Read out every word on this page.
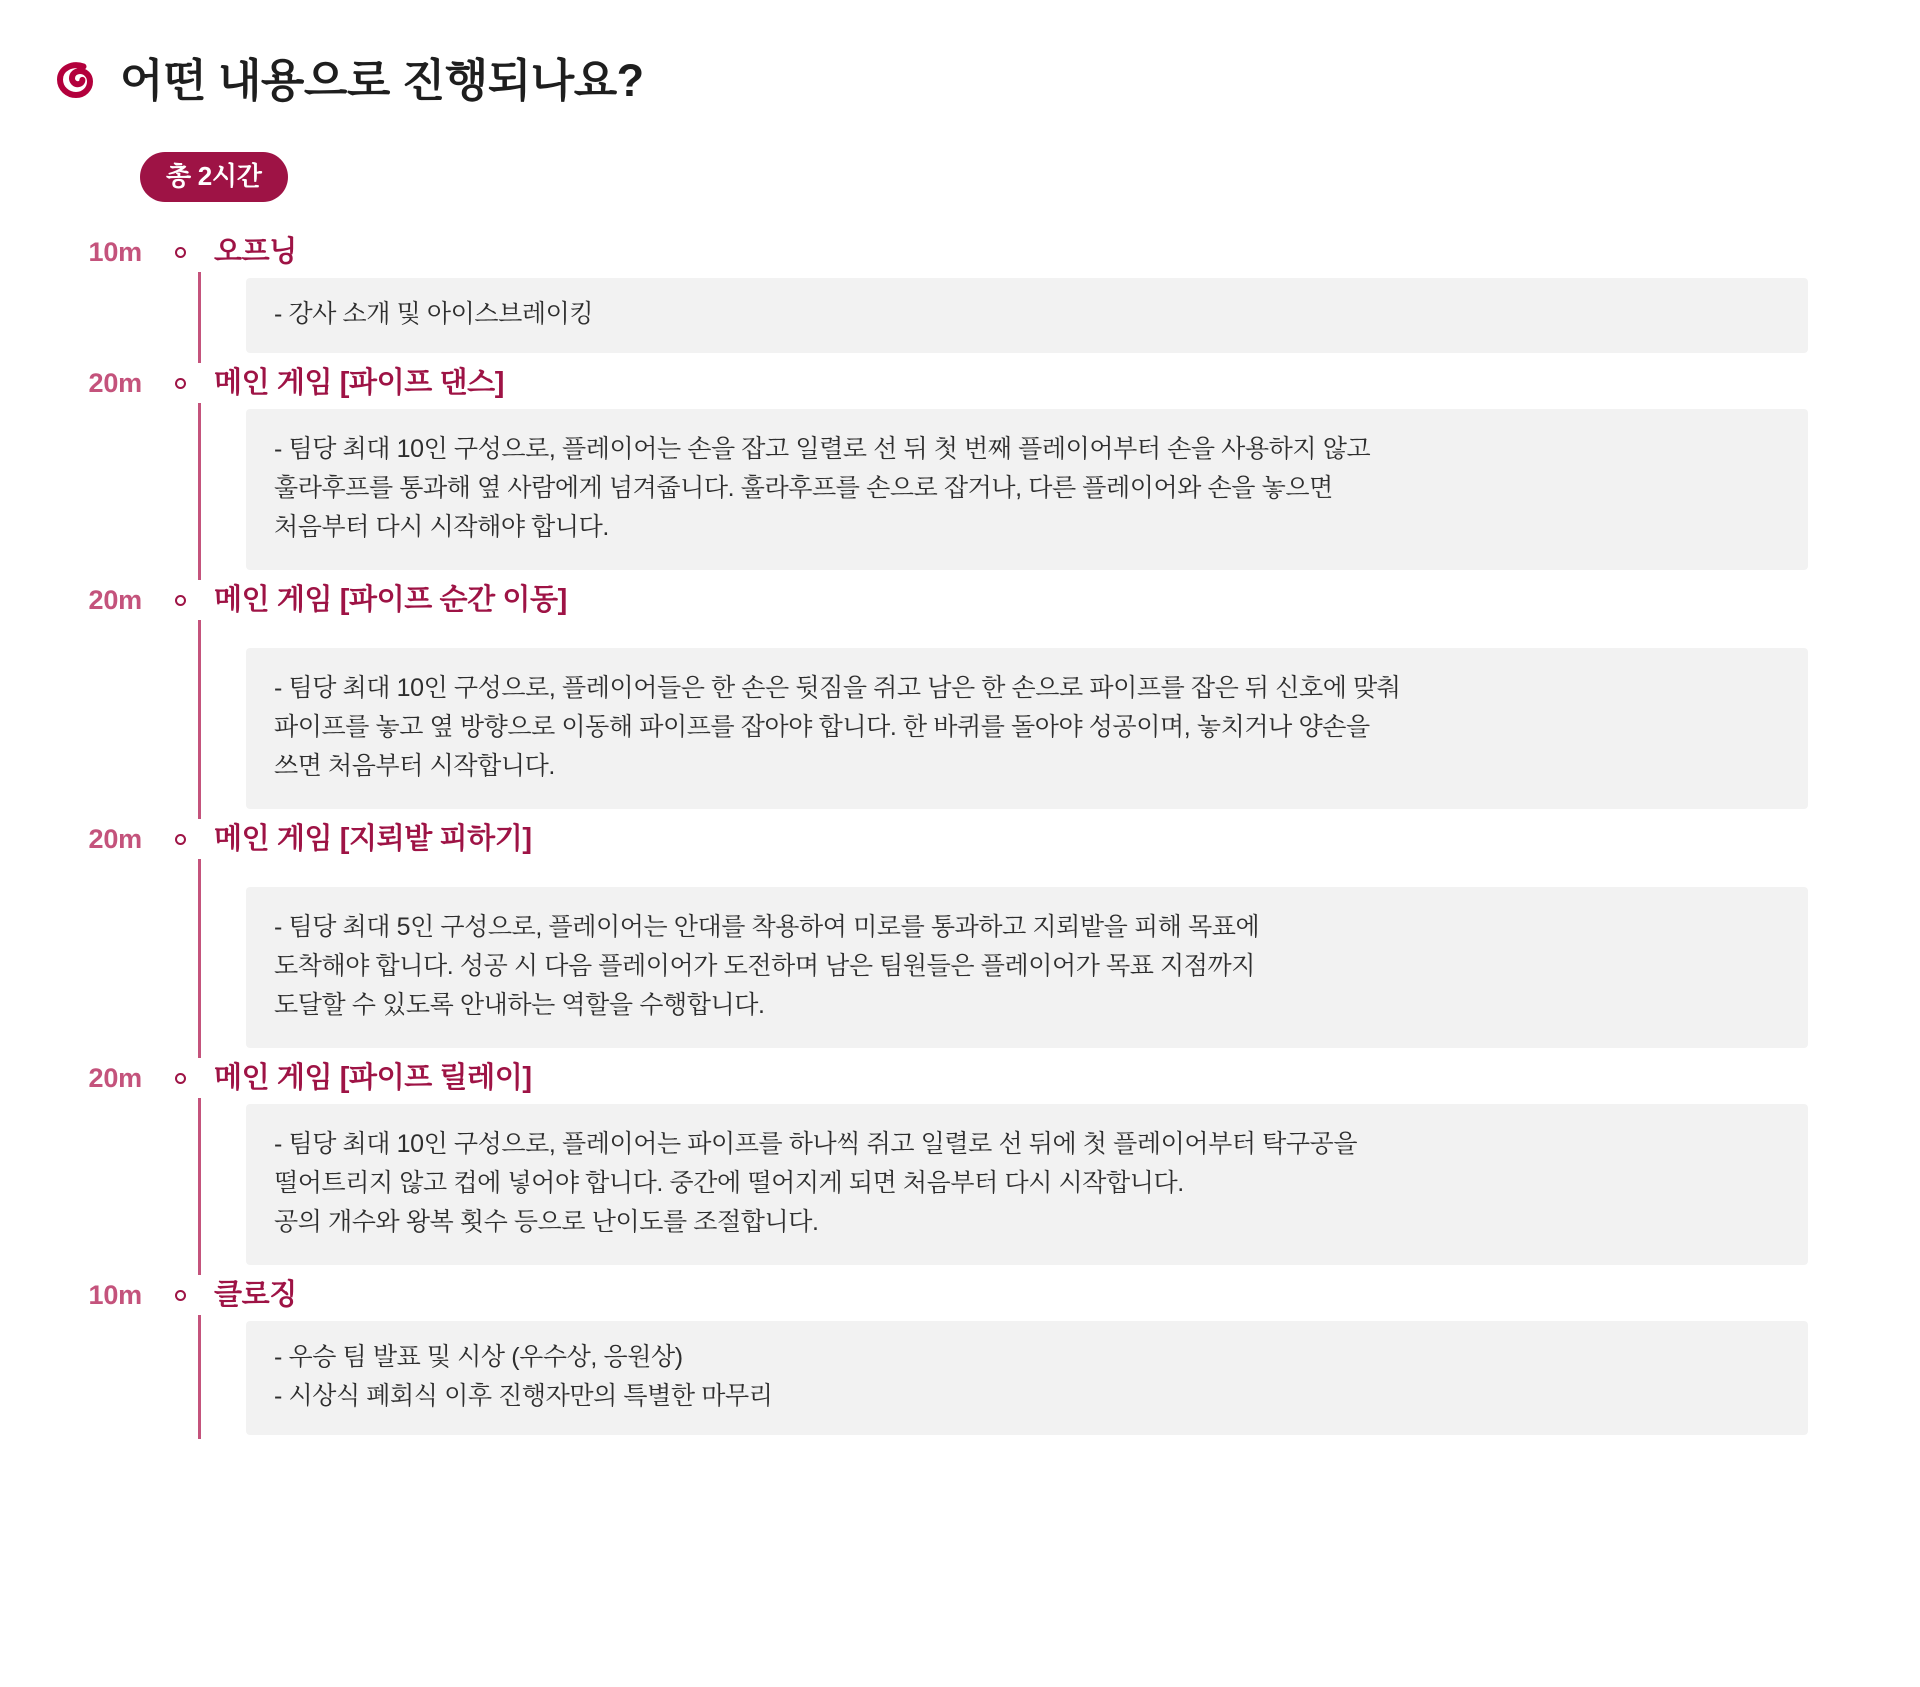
어떤 내용으로 진행되나요?
총 2시간
10m	오프닝
- 강사 소개 및 아이스브레이킹
20m	메인 게임 [파이프 댄스]
- 팀당 최대 10인 구성으로, 플레이어는 손을 잡고 일렬로 선 뒤 첫 번째 플레이어부터 손을 사용하지 않고
훌라후프를 통과해 옆 사람에게 넘겨줍니다. 훌라후프를 손으로 잡거나, 다른 플레이어와 손을 놓으면
처음부터 다시 시작해야 합니다.
20m	메인 게임 [파이프 순간 이동]
- 팀당 최대 10인 구성으로, 플레이어들은 한 손은 뒷짐을 쥐고 남은 한 손으로 파이프를 잡은 뒤 신호에 맞춰
파이프를 놓고 옆 방향으로 이동해 파이프를 잡아야 합니다. 한 바퀴를 돌아야 성공이며, 놓치거나 양손을
쓰면 처음부터 시작합니다.
20m	메인 게임 [지뢰밭 피하기]
- 팀당 최대 5인 구성으로, 플레이어는 안대를 착용하여 미로를 통과하고 지뢰밭을 피해 목표에
도착해야 합니다. 성공 시 다음 플레이어가 도전하며 남은 팀원들은 플레이어가 목표 지점까지
도달할 수 있도록 안내하는 역할을 수행합니다.
20m	메인 게임 [파이프 릴레이]
- 팀당 최대 10인 구성으로, 플레이어는 파이프를 하나씩 쥐고 일렬로 선 뒤에 첫 플레이어부터 탁구공을
떨어트리지 않고 컵에 넣어야 합니다. 중간에 떨어지게 되면 처음부터 다시 시작합니다.
공의 개수와 왕복 횟수 등으로 난이도를 조절합니다.
10m	클로징
- 우승 팀 발표 및 시상 (우수상, 응원상)
- 시상식 폐회식 이후 진행자만의 특별한 마무리
